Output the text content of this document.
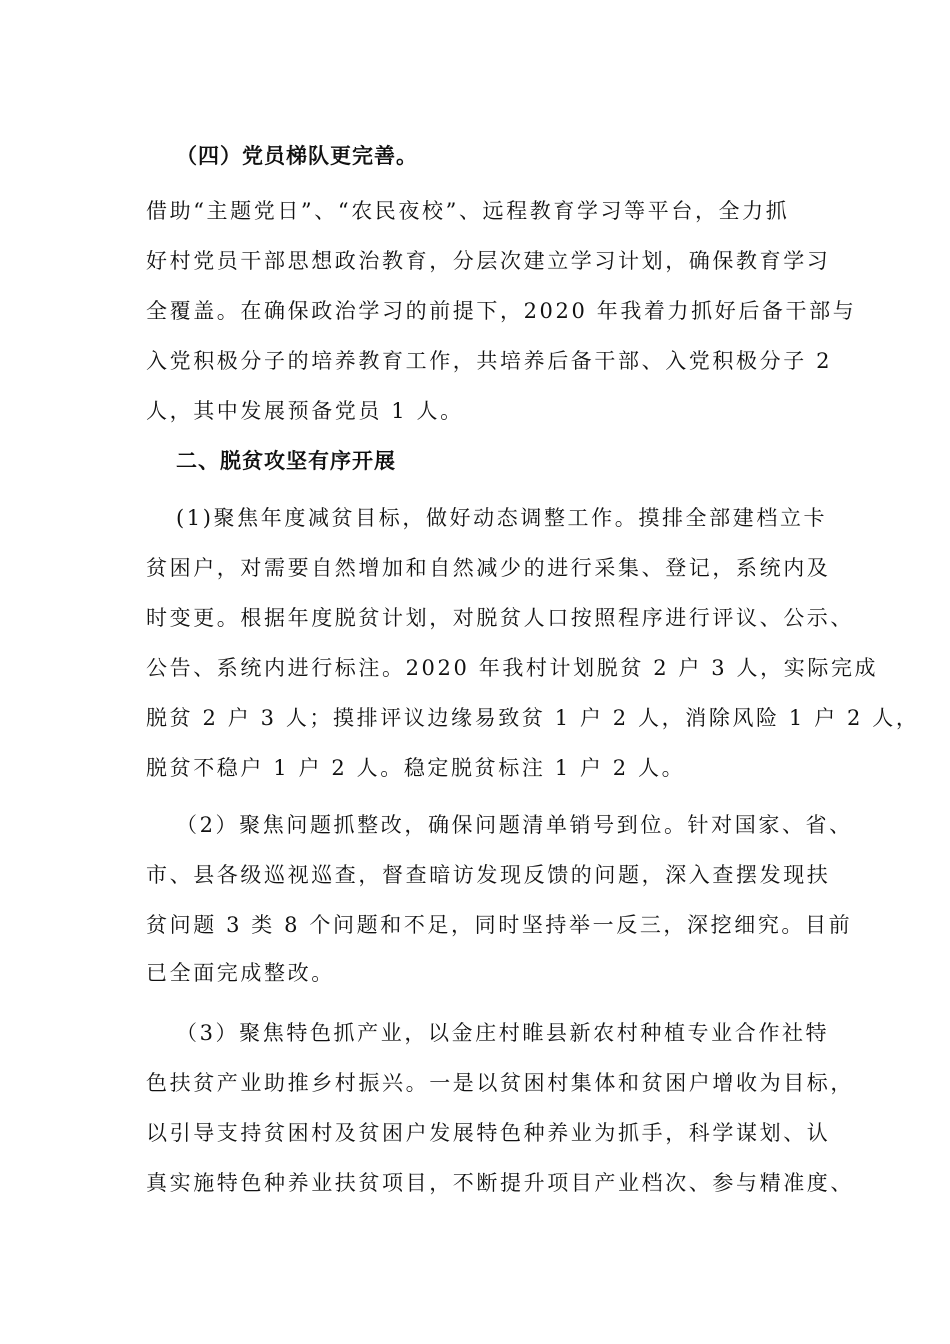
（四）党员梯队更完善。
借助“主题党日”、“农民夜校”、远程教育学习等平台，全力抓
好村党员干部思想政治教育，分层次建立学习计划，确保教育学习
全覆盖。在确保政治学习的前提下，2020 年我着力抓好后备干部与
入党积极分子的培养教育工作，共培养后备干部、入党积极分子 2
人，其中发展预备党员 1 人。
二、脱贫攻坚有序开展
(1)聚焦年度减贫目标，做好动态调整工作。摸排全部建档立卡
贫困户，对需要自然增加和自然减少的进行采集、登记，系统内及
时变更。根据年度脱贫计划，对脱贫人口按照程序进行评议、公示、
公告、系统内进行标注。2020 年我村计划脱贫 2 户 3 人，实际完成
脱贫 2 户 3 人；摸排评议边缘易致贫 1 户 2 人，消除风险 1 户 2 人，
脱贫不稳户 1 户 2 人。稳定脱贫标注 1 户 2 人。
（2）聚焦问题抓整改，确保问题清单销号到位。针对国家、省、
市、县各级巡视巡查，督查暗访发现反馈的问题，深入查摆发现扶
贫问题 3 类 8 个问题和不足，同时坚持举一反三，深挖细究。目前
已全面完成整改。
（3）聚焦特色抓产业，以金庄村睢县新农村种植专业合作社特
色扶贫产业助推乡村振兴。一是以贫困村集体和贫困户增收为目标，
以引导支持贫困村及贫困户发展特色种养业为抓手，科学谋划、认
真实施特色种养业扶贫项目，不断提升项目产业档次、参与精准度、
